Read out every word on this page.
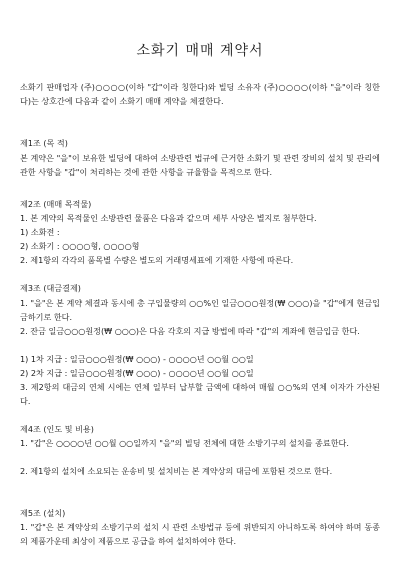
소화기 매매 계약서

소화기 판매업자 (주)○○○○(이하 "갑"이라 칭한다)와 빌딩 소유자 (주)○○○○(이하 "을"이라 칭한다)는 상호간에 다음과 같이 소화기 매매 계약을 체결한다.

제1조 (목 적)

본 계약은 "을"이 보유한 빌딩에 대하여 소방관련 법규에 근거한 소화기 및 관련 장비의 설치 및 관리에 관한 사항을 "갑"이 처리하는 것에 관한 사항을 규율함을 목적으로 한다.

제2조 (매매 목적물)

1. 본 계약의 목적물인 소방관련 물품은 다음과 같으며 세부 사양은 별지로 첨부한다.

1) 소화전 :

2) 소화기 : ○○○○형, ○○○○형

2. 제1항의 각각의 품목별 수량은 별도의 거래명세표에 기재한 사항에 따른다.

제3조 (대금결제)

1. "을"은 본 계약 체결과 동시에 총 구입물량의 ○○%인 일금○○○원정(₩ ○○○)을 "갑"에게 현금입금하기로 한다.

2. 잔금 일금○○○원정(₩ ○○○)은 다음 각호의 지급 방법에 따라 "갑"의 계좌에 현금입금 한다.

1) 1차 지급 : 일금○○○원정(₩ ○○○) - ○○○○년 ○○월 ○○일

2) 2차 지급 : 일금○○○원정(₩ ○○○) - ○○○○년 ○○월 ○○일

3. 제2항의 대금의 연체 시에는 연체 일부터 납부할 금액에 대하여 매월 ○○%의 연체 이자가 가산된다.

제4조 (인도 및 비용)

1. "갑"은 ○○○○년 ○○월 ○○일까지 "을"의 빌딩 전체에 대한 소방기구의 설치를 종료한다.

2. 제1항의 설치에 소요되는 운송비 및 설치비는 본 계약상의 대금에 포함된 것으로 한다.

제5조 (설치)

1. "갑"은 본 계약상의 소방기구의 설치 시 관련 소방법규 등에 위반되지 아니하도록 하여야 하며 동종의 제품가운데 최상이 제품으로 공급을 하여 설치하여야 한다.
